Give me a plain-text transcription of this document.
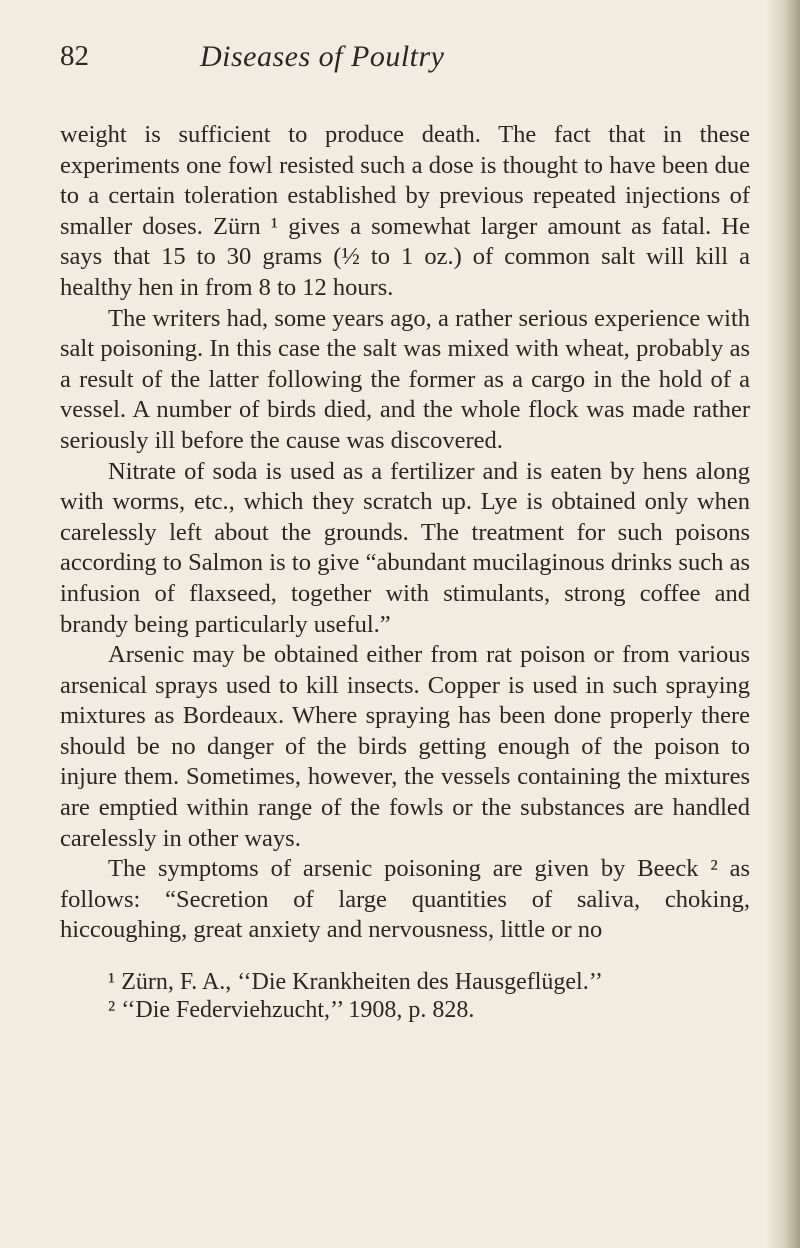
82	Diseases of Poultry

weight is sufficient to produce death. The fact that in these experiments one fowl resisted such a dose is thought to have been due to a certain toleration established by previous repeated injections of smaller doses. Zürn ¹ gives a somewhat larger amount as fatal. He says that 15 to 30 grams (½ to 1 oz.) of common salt will kill a healthy hen in from 8 to 12 hours.

The writers had, some years ago, a rather serious experience with salt poisoning. In this case the salt was mixed with wheat, probably as a result of the latter following the former as a cargo in the hold of a vessel. A number of birds died, and the whole flock was made rather seriously ill before the cause was discovered.

Nitrate of soda is used as a fertilizer and is eaten by hens along with worms, etc., which they scratch up. Lye is obtained only when carelessly left about the grounds. The treatment for such poisons according to Salmon is to give “abundant mucilaginous drinks such as infusion of flaxseed, together with stimulants, strong coffee and brandy being particularly useful.”

Arsenic may be obtained either from rat poison or from various arsenical sprays used to kill insects. Copper is used in such spraying mixtures as Bordeaux. Where spraying has been done properly there should be no danger of the birds getting enough of the poison to injure them. Sometimes, however, the vessels containing the mixtures are emptied within range of the fowls or the substances are handled carelessly in other ways.

The symptoms of arsenic poisoning are given by Beeck ² as follows: “Secretion of large quantities of saliva, choking, hiccoughing, great anxiety and nervousness, little or no

¹ Zürn, F. A., ‘‘Die Krankheiten des Hausgeflügel.’’

² ‘‘Die Federviehzucht,’’ 1908, p. 828.
